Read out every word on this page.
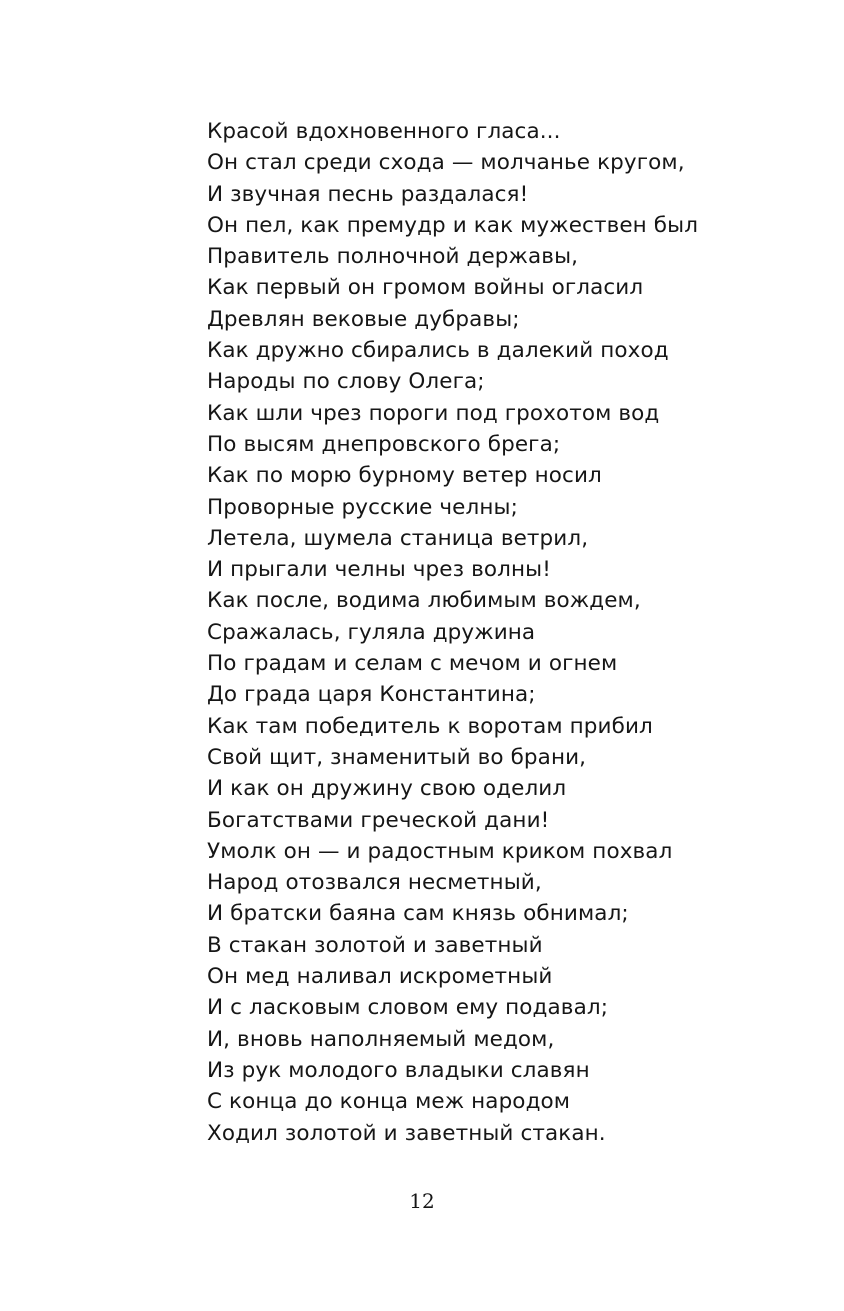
Красой вдохновенного гласа...
Он стал среди схода — молчанье кругом,
И звучная песнь раздалася!
Он пел, как премудр и как мужествен был
Правитель полночной державы,
Как первый он громом войны огласил
Древлян вековые дубравы;
Как дружно сбирались в далекий поход
Народы по слову Олега;
Как шли чрез пороги под грохотом вод
По высям днепровского брега;
Как по морю бурному ветер носил
Проворные русские челны;
Летела, шумела станица ветрил,
И прыгали челны чрез волны!
Как после, водима любимым вождем,
Сражалась, гуляла дружина
По градам и селам с мечом и огнем
До града царя Константина;
Как там победитель к воротам прибил
Свой щит, знаменитый во брани,
И как он дружину свою оделил
Богатствами греческой дани!
Умолк он — и радостным криком похвал
Народ отозвался несметный,
И братски баяна сам князь обнимал;
В стакан золотой и заветный
Он мед наливал искрометный
И с ласковым словом ему подавал;
И, вновь наполняемый медом,
Из рук молодого владыки славян
С конца до конца меж народом
Ходил золотой и заветный стакан.
12
